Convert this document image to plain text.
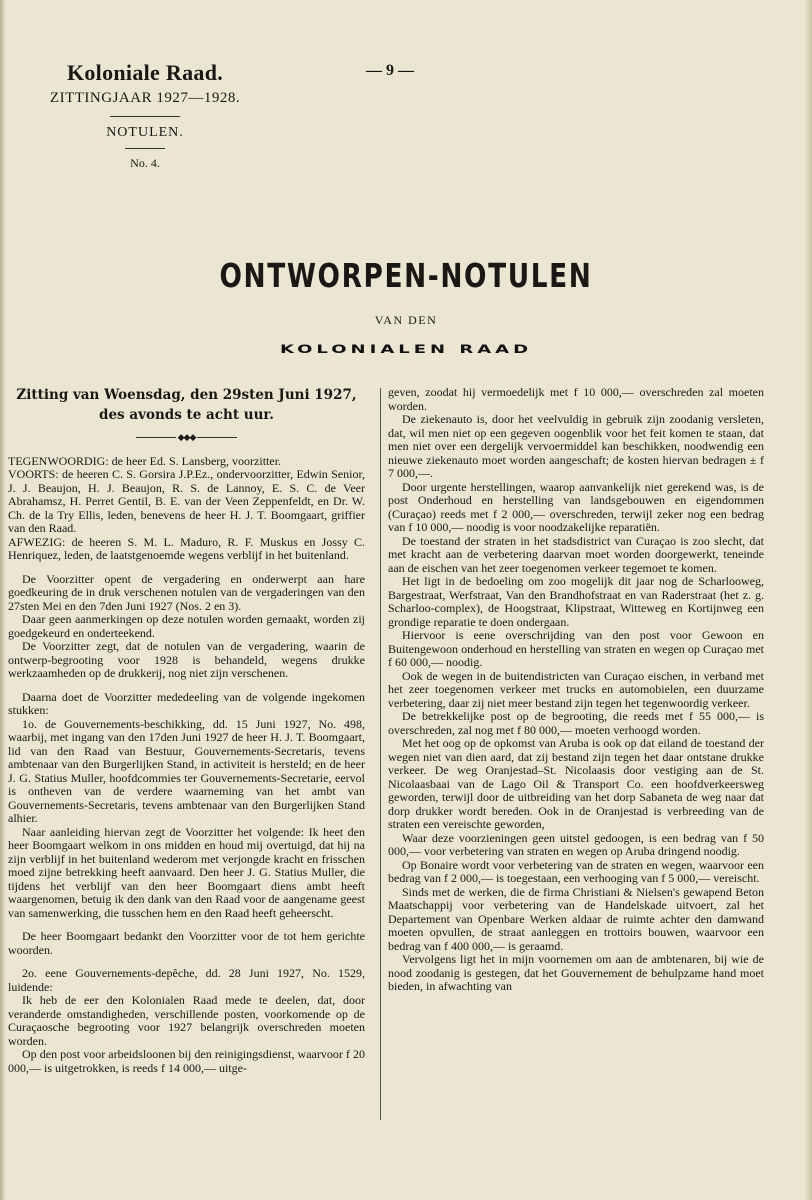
Koloniale Raad.
ZITTINGJAAR 1927—1928.
NOTULEN.
No. 4.
— 9 —
ONTWORPEN-NOTULEN
VAN DEN
KOLONIALEN RAAD
Zitting van Woensdag, den 29sten Juni 1927,
des avonds te acht uur.
◆◆◆

TEGENWOORDIG: de heer Ed. S. Lansberg, voorzitter.

VOORTS: de heeren C. S. Gorsira J.P.Ez., ondervoorzitter, Edwin Senior, J. J. Beaujon, H. J. Beaujon, R. S. de Lannoy, E. S. C. de Veer Abrahamsz, H. Perret Gentil, B. E. van der Veen Zeppenfeldt, en Dr. W. Ch. de la Try Ellis, leden, benevens de heer H. J. T. Boomgaart, griffier van den Raad.

AFWEZIG: de heeren S. M. L. Maduro, R. F. Muskus en Jossy C. Henriquez, leden, de laatstgenoemde wegens verblijf in het buitenland.

De Voorzitter opent de vergadering en onderwerpt aan hare goedkeuring de in druk verschenen notulen van de vergaderingen van den 27sten Mei en den 7den Juni 1927 (Nos. 2 en 3).

Daar geen aanmerkingen op deze notulen worden gemaakt, worden zij goedgekeurd en onderteekend.

De Voorzitter zegt, dat de notulen van de vergadering, waarin de ontwerp-begrooting voor 1928 is behandeld, wegens drukke werkzaamheden op de drukkerij, nog niet zijn verschenen.

Daarna doet de Voorzitter mededeeling van de volgende ingekomen stukken:

1o. de Gouvernements-beschikking, dd. 15 Juni 1927, No. 498, waarbij, met ingang van den 17den Juni 1927 de heer H. J. T. Boomgaart, lid van den Raad van Bestuur, Gouvernements-Secretaris, tevens ambtenaar van den Burgerlijken Stand, in activiteit is hersteld; en de heer J. G. Statius Muller, hoofdcommies ter Gouvernements-Secretarie, eervol is ontheven van de verdere waarneming van het ambt van Gouvernements-Secretaris, tevens ambtenaar van den Burgerlijken Stand alhier.

Naar aanleiding hiervan zegt de Voorzitter het volgende: Ik heet den heer Boomgaart welkom in ons midden en houd mij overtuigd, dat hij na zijn verblijf in het buitenland wederom met verjongde kracht en frisschen moed zijne betrekking heeft aanvaard. Den heer J. G. Statius Muller, die tijdens het verblijf van den heer Boomgaart diens ambt heeft waargenomen, betuig ik den dank van den Raad voor de aangename geest van samenwerking, die tusschen hem en den Raad heeft geheerscht.

De heer Boomgaart bedankt den Voorzitter voor de tot hem gerichte woorden.

2o. eene Gouvernements-depêche, dd. 28 Juni 1927, No. 1529, luidende:

Ik heb de eer den Kolonialen Raad mede te deelen, dat, door veranderde omstandigheden, verschillende posten, voorkomende op de Curaçaosche begrooting voor 1927 belangrijk overschreden moeten worden.

Op den post voor arbeidsloonen bij den reinigingsdienst, waarvoor f 20 000,— is uitgetrokken, is reeds f 14 000,— uitge-

geven, zoodat hij vermoedelijk met f 10 000,— overschreden zal moeten worden.

De ziekenauto is, door het veelvuldig in gebruik zijn zoodanig versleten, dat, wil men niet op een gegeven oogenblik voor het feit komen te staan, dat men niet over een dergelijk vervoermiddel kan beschikken, noodwendig een nieuwe ziekenauto moet worden aangeschaft; de kosten hiervan bedragen ± f 7 000,—.

Door urgente herstellingen, waarop aanvankelijk niet gerekend was, is de post Onderhoud en herstelling van landsgebouwen en eigendommen (Curaçao) reeds met f 2 000,— overschreden, terwijl zeker nog een bedrag van f 10 000,— noodig is voor noodzakelijke reparatiën.

De toestand der straten in het stadsdistrict van Curaçao is zoo slecht, dat met kracht aan de verbetering daarvan moet worden doorgewerkt, teneinde aan de eischen van het zeer toegenomen verkeer tegemoet te komen.

Het ligt in de bedoeling om zoo mogelijk dit jaar nog de Scharlooweg, Bargestraat, Werfstraat, Van den Brandhofstraat en van Raderstraat (het z. g. Scharloo-complex), de Hoogstraat, Klipstraat, Witteweg en Kortijnweg een grondige reparatie te doen ondergaan.

Hiervoor is eene overschrijding van den post voor Gewoon en Buitengewoon onderhoud en herstelling van straten en wegen op Curaçao met f 60 000,— noodig.

Ook de wegen in de buitendistricten van Curaçao eischen, in verband met het zeer toegenomen verkeer met trucks en automobielen, een duurzame verbetering, daar zij niet meer bestand zijn tegen het tegenwoordig verkeer.

De betrekkelijke post op de begrooting, die reeds met f 55 000,— is overschreden, zal nog met f 80 000,— moeten verhoogd worden.

Met het oog op de opkomst van Aruba is ook op dat eiland de toestand der wegen niet van dien aard, dat zij bestand zijn tegen het daar ontstane drukke verkeer. De weg Oranjestad–St. Nicolaasis door vestiging aan de St. Nicolaasbaai van de Lago Oil & Transport Co. een hoofdverkeersweg geworden, terwijl door de uitbreiding van het dorp Sabaneta de weg naar dat dorp drukker wordt bereden. Ook in de Oranjestad is verbreeding van de straten een vereischte geworden,

Waar deze voorzieningen geen uitstel gedoogen, is een bedrag van f 50 000,— voor verbetering van straten en wegen op Aruba dringend noodig.

Op Bonaire wordt voor verbetering van de straten en wegen, waarvoor een bedrag van f 2 000,— is toegestaan, een verhooging van f 5 000,— vereischt.

Sinds met de werken, die de firma Christiani & Nielsen's gewapend Beton Maatschappij voor verbetering van de Handelskade uitvoert, zal het Departement van Openbare Werken aldaar de ruimte achter den damwand moeten opvullen, de straat aanleggen en trottoirs bouwen, waarvoor een bedrag van f 400 000,— is geraamd.

Vervolgens ligt het in mijn voornemen om aan de ambtenaren, bij wie de nood zoodanig is gestegen, dat het Gouvernement de behulpzame hand moet bieden, in afwachting van
